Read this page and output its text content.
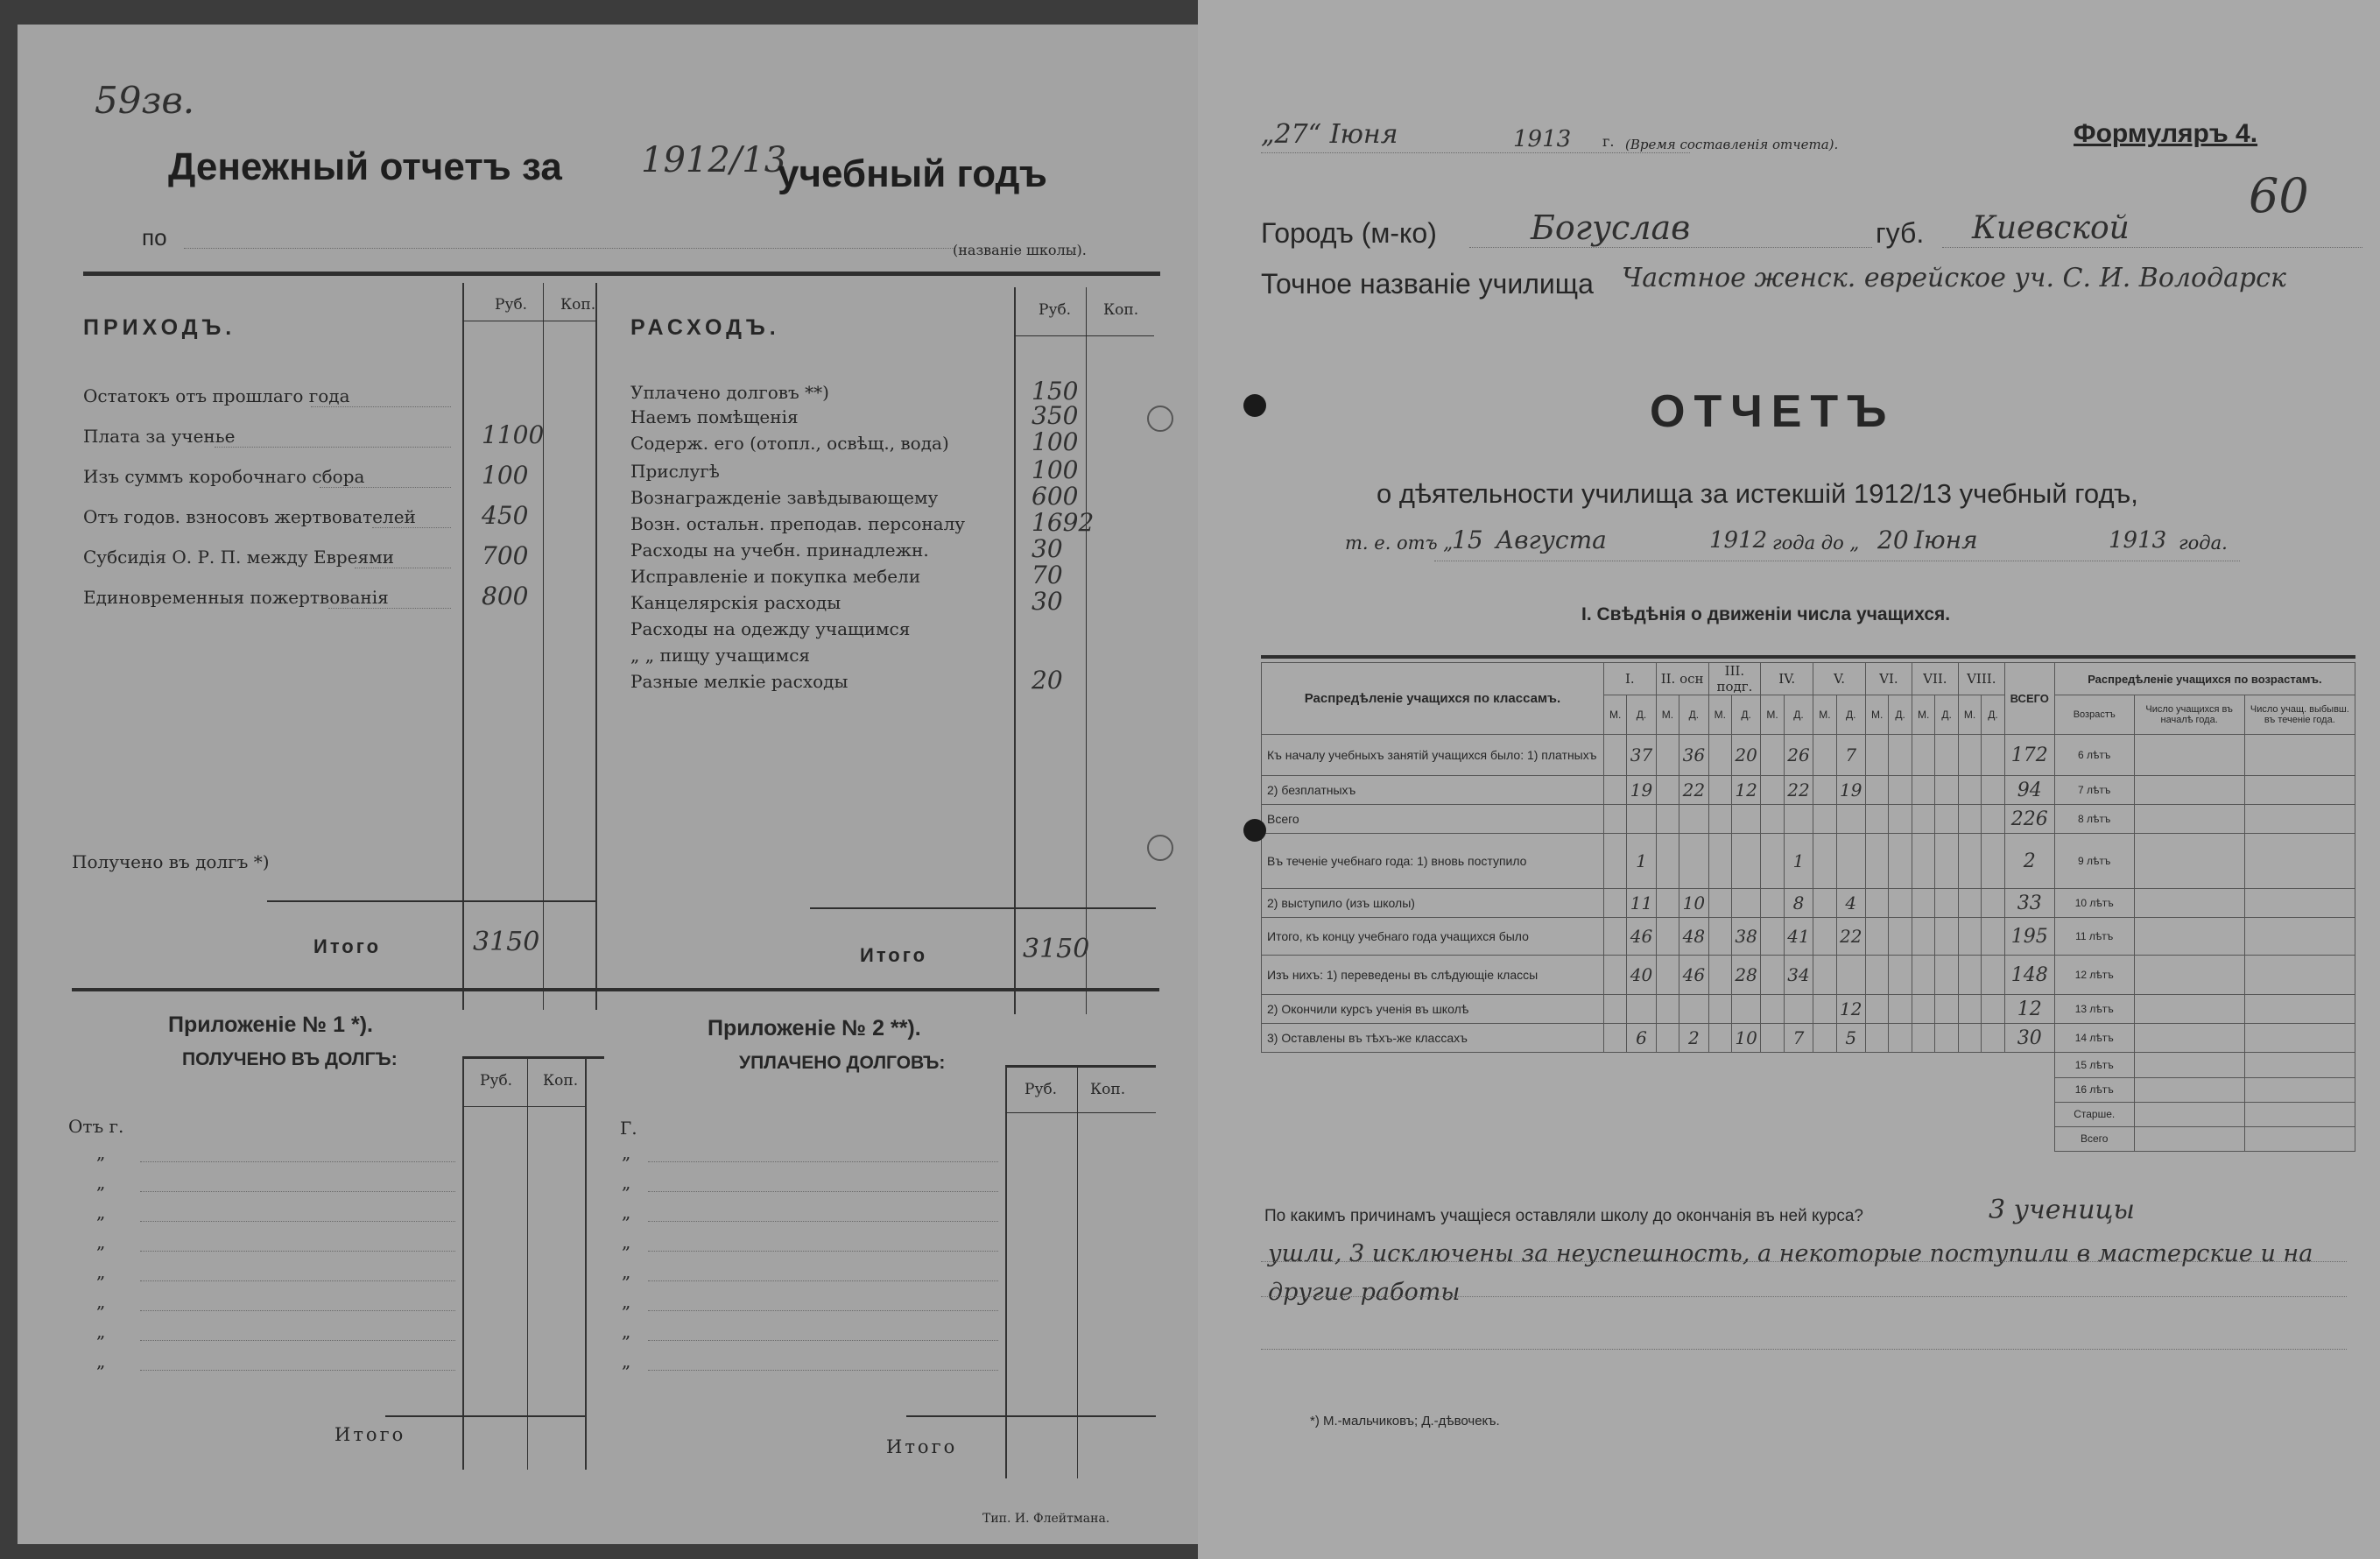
59зв.
Денежный отчетъ за 1912/13
учебный годъ
по	(названіе школы).
ПРИХОДЪ.
Руб. Коп.
Получено въ долгъ *)
Итого	3150
РАСХОДЪ.
Руб. Коп.
Итого	3150
Приложеніе № 1 *).
ПОЛУЧЕНО ВЪ ДОЛГЪ:
Руб. Коп.
Отъ г.
Итого
Приложеніе № 2 **).
УПЛАЧЕНО ДОЛГОВЪ:
Руб. Коп.
Г.
Итого
Тип. И. Флейтмана.
Остатокъ отъ прошлаго года
Плата за ученье	1100
Изъ суммъ коробочнаго сбора	100
Отъ годов. взносовъ жертвователей	450
Субсидія О. Р. П. между Евреями	700
Единовременныя пожертвованія	800
Уплачено долговъ **)	150
Наемъ помѣщенія	350
Содерж. его (отопл., освѣщ., вода)	100
Прислугѣ	100
Вознагражденіе завѣдывающему	600
Возн. остальн. преподав. персоналу	1692
Расходы на учебн. принадлежн.	30
Исправленіе и покупка мебели	70
Канцелярскія расходы	30
Расходы на одежду учащимся
„ „ пищу учащимся
Разные мелкіе расходы	20
„	„
„	„
„	„
„	„
„	„
„	„
„	„
„	„
„27“ Іюня	1913 г. (Время составленія отчета).	Формуляръ 4.
60
Городъ (м-ко)	Богуслав	губ. Киевской
Точное названіе училища Частное женск. еврейское уч. С. И. Володарск
ОТЧЕТЪ
о дѣятельности училища за истекшій 1912/13 учебный годъ,
т. е. отъ „
15 Августа	1912 года до „ 20 Іюня	1913 года.
I. Свѣдѣнія о движеніи числа учащихся.
Распредѣленіе учащихся по классамъ.	I.		II. осн		III. подг.		IV.		V.		VI.		VII.		VIII.		ВСЕГО	Распредѣленіе учащихся по возрастамъ.		
	М.	Д.	М.	Д.	М.	Д.	М.	Д.	М.	Д.	М.	Д.	М.	Д.	М.	Д.		Возрастъ	Число учащихся въ началѣ года.	Число учащ. выбывш. въ теченіе года.
Къ началу учебныхъ занятій учащихся было: 1) платныхъ		37		36		20		26		7							172	6 лѣтъ		
2) безплатныхъ		19		22		12		22		19							94	7 лѣтъ		
Всего																	226	8 лѣтъ		
Въ теченіе учебнаго года: 1) вновь поступило		1						1									2	9 лѣтъ		
2) выступило (изъ школы)		11		10				8		4							33	10 лѣтъ		
Итого, къ концу учебнаго года учащихся было		46		48		38		41		22							195	11 лѣтъ		
Изъ нихъ: 1) переведены въ слѣдующіе классы		40		46		28		34									148	12 лѣтъ		
2) Окончили курсъ ученія въ школѣ										12							12	13 лѣтъ		
3) Оставлены въ тѣхъ-же классахъ		6		2		10		7		5							30	14 лѣтъ		
																		15 лѣтъ		
																		16 лѣтъ		
																		Старше.		
																		Всего		
По какимъ причинамъ учащіеся оставляли школу до окончанія въ ней курса?	3 ученицы
ушли, 3 исключены за неуспешность, а некоторые поступили в мастерские и на другие работы
*) М.-мальчиковъ; Д.-дѣвочекъ.
